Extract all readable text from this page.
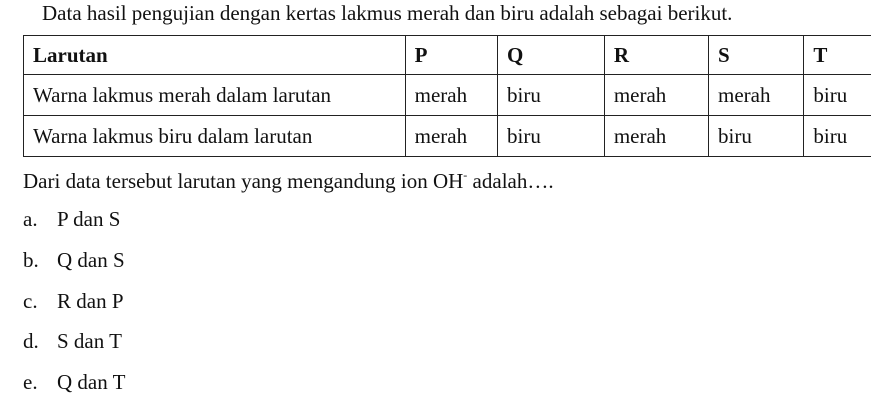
Data hasil pengujian dengan kertas lakmus merah dan biru adalah sebagai berikut.
Larutan	P	Q	R	S	T
Warna lakmus merah dalam larutan	merah	biru	merah	merah	biru
Warna lakmus biru dalam larutan	merah	biru	merah	biru	biru
Dari data tersebut larutan yang mengandung ion OH- adalah….
a. P dan S
b. Q dan S
c. R dan P
d. S dan T
e. Q dan T
